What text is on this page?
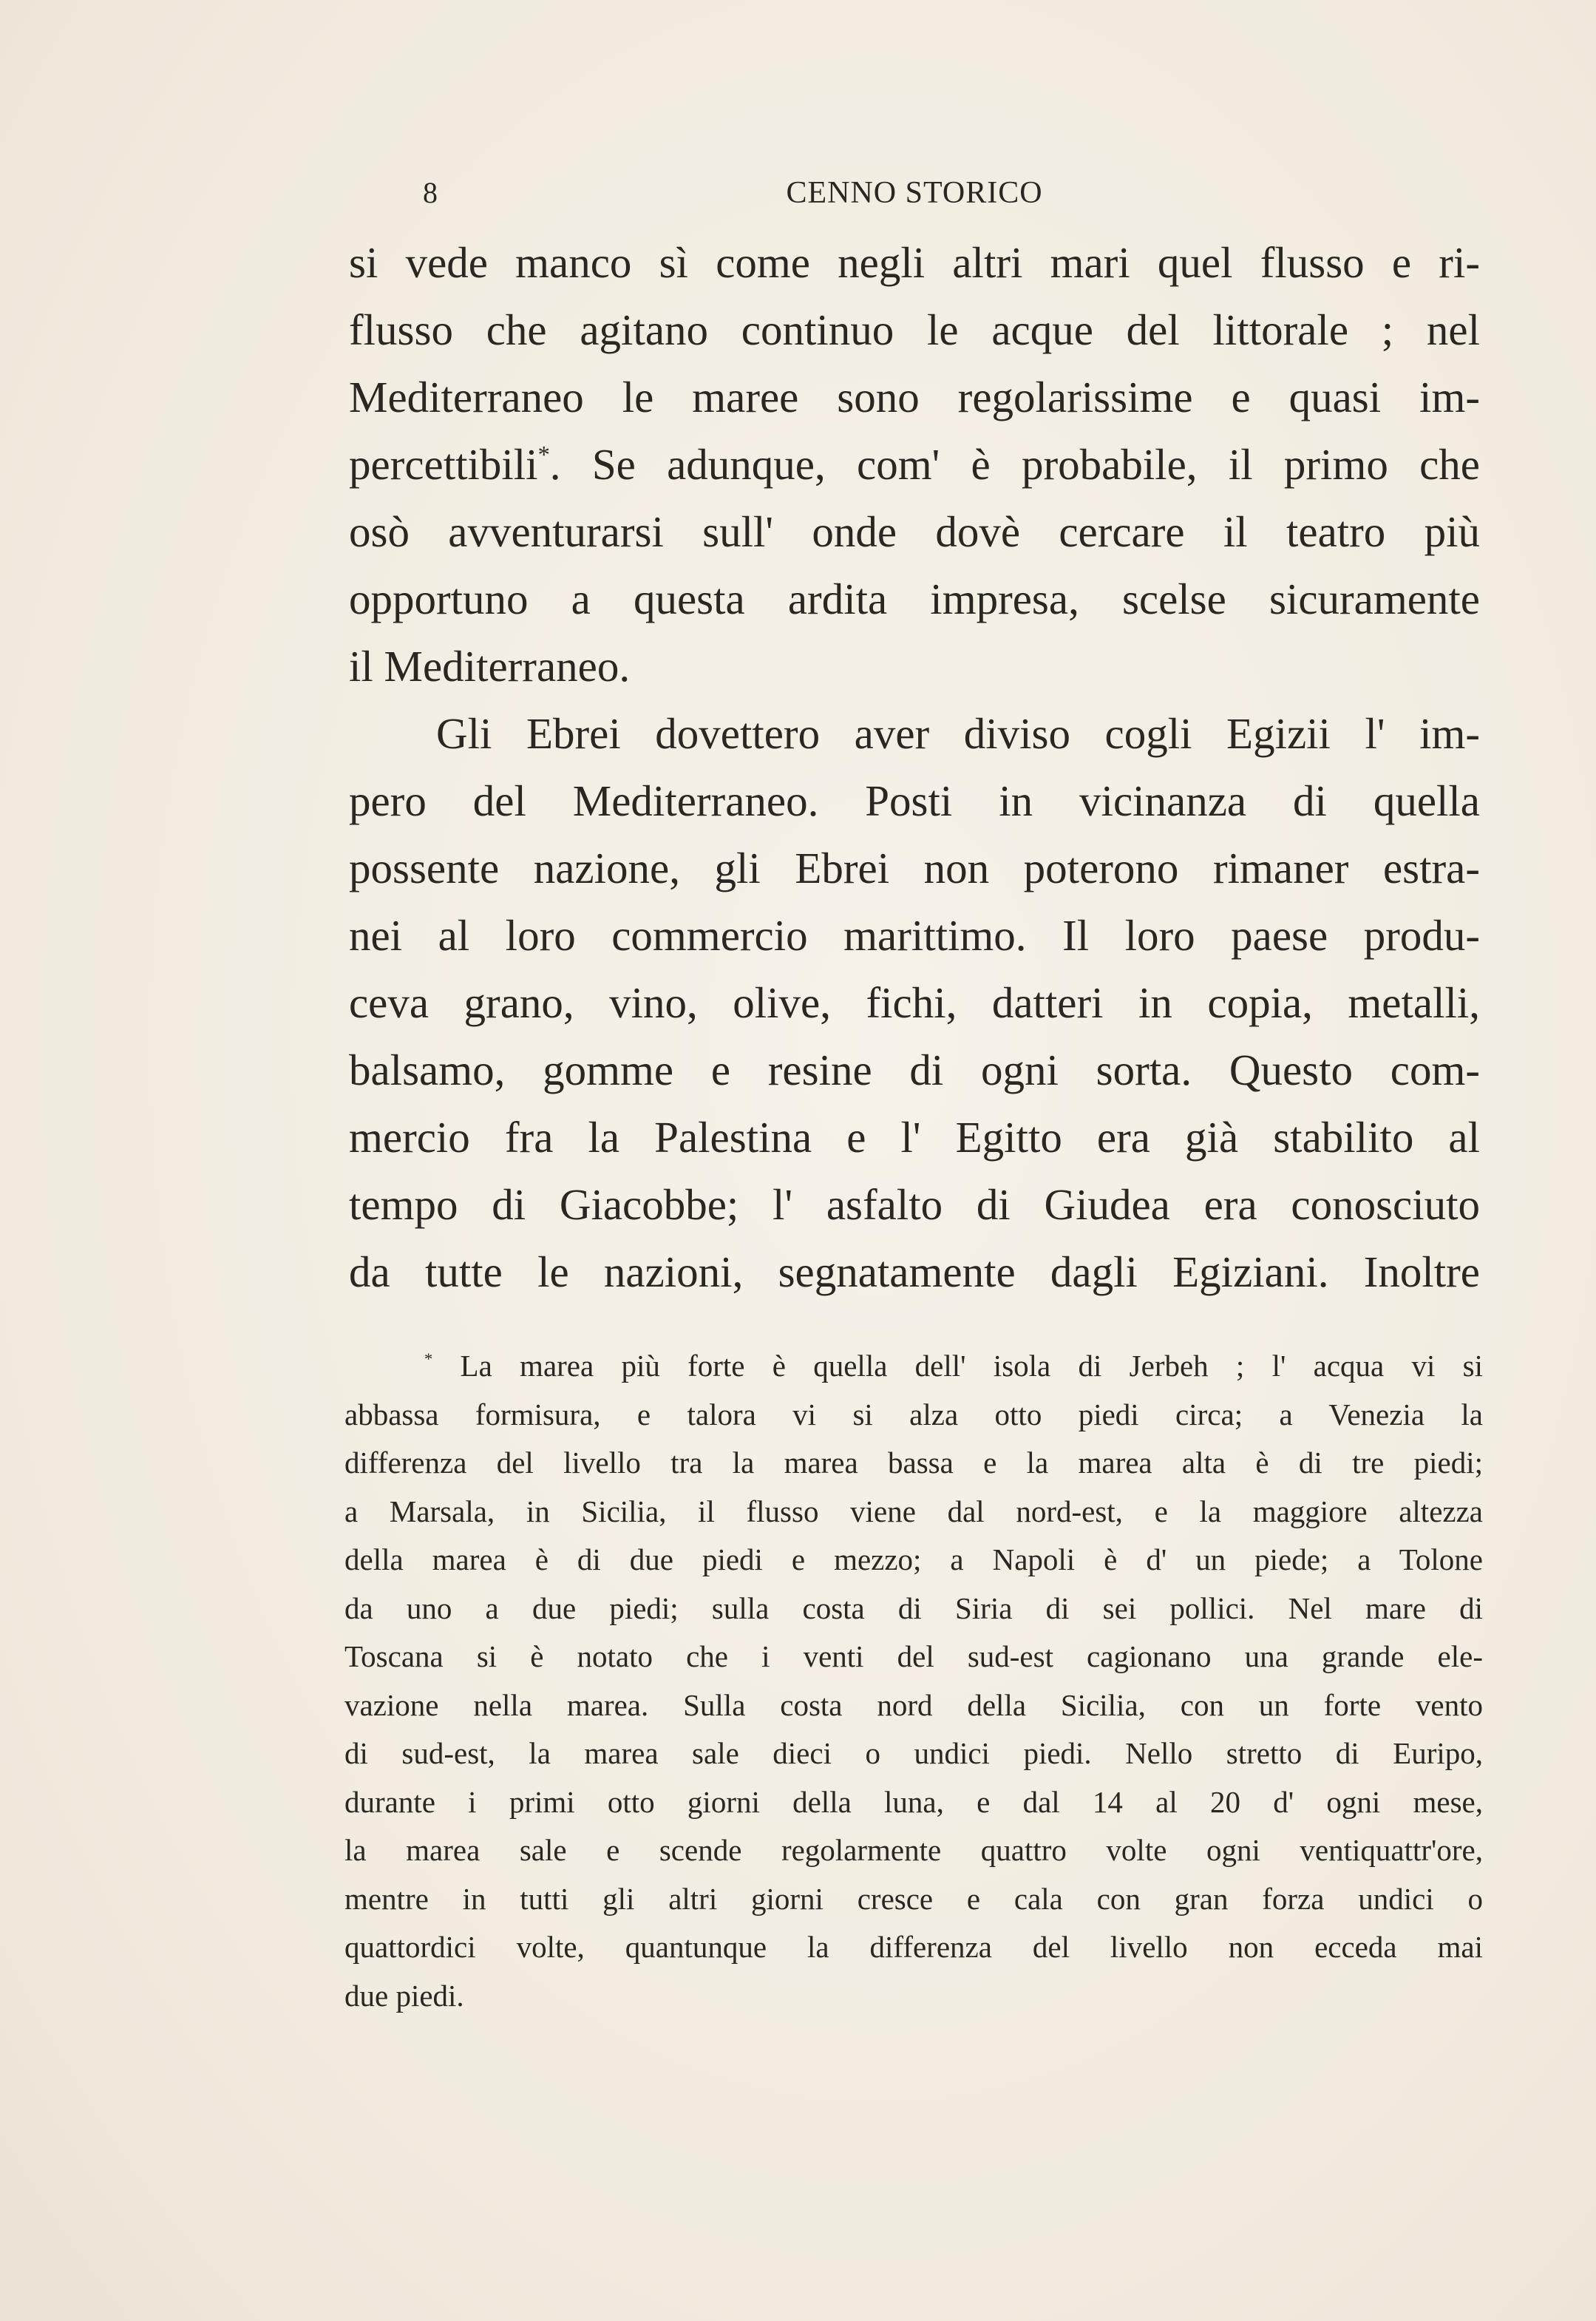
8	CENNO STORICO
si vede manco sì come negli altri mari quel flusso e ri-
flusso che agitano continuo le acque del littorale ; nel
Mediterraneo le maree sono regolarissime e quasi im-
percettibili*. Se adunque, com' è probabile, il primo che
osò avventurarsi sull' onde dovè cercare il teatro più
opportuno a questa ardita impresa, scelse sicuramente
il Mediterraneo.
Gli Ebrei dovettero aver diviso cogli Egizii l' im-
pero del Mediterraneo. Posti in vicinanza di quella
possente nazione, gli Ebrei non poterono rimaner estra-
nei al loro commercio marittimo. Il loro paese produ-
ceva grano, vino, olive, fichi, datteri in copia, metalli,
balsamo, gomme e resine di ogni sorta. Questo com-
mercio fra la Palestina e l' Egitto era già stabilito al
tempo di Giacobbe; l' asfalto di Giudea era conosciuto
da tutte le nazioni, segnatamente dagli Egiziani. Inoltre
* La marea più forte è quella dell' isola di Jerbeh ; l' acqua vi si
abbassa formisura, e talora vi si alza otto piedi circa; a Venezia la
differenza del livello tra la marea bassa e la marea alta è di tre piedi;
a Marsala, in Sicilia, il flusso viene dal nord-est, e la maggiore altezza
della marea è di due piedi e mezzo; a Napoli è d' un piede; a Tolone
da uno a due piedi; sulla costa di Siria di sei pollici. Nel mare di
Toscana si è notato che i venti del sud-est cagionano una grande ele-
vazione nella marea. Sulla costa nord della Sicilia, con un forte vento
di sud-est, la marea sale dieci o undici piedi. Nello stretto di Euripo,
durante i primi otto giorni della luna, e dal 14 al 20 d' ogni mese,
la marea sale e scende regolarmente quattro volte ogni ventiquattr'ore,
mentre in tutti gli altri giorni cresce e cala con gran forza undici o
quattordici volte, quantunque la differenza del livello non ecceda mai
due piedi.
